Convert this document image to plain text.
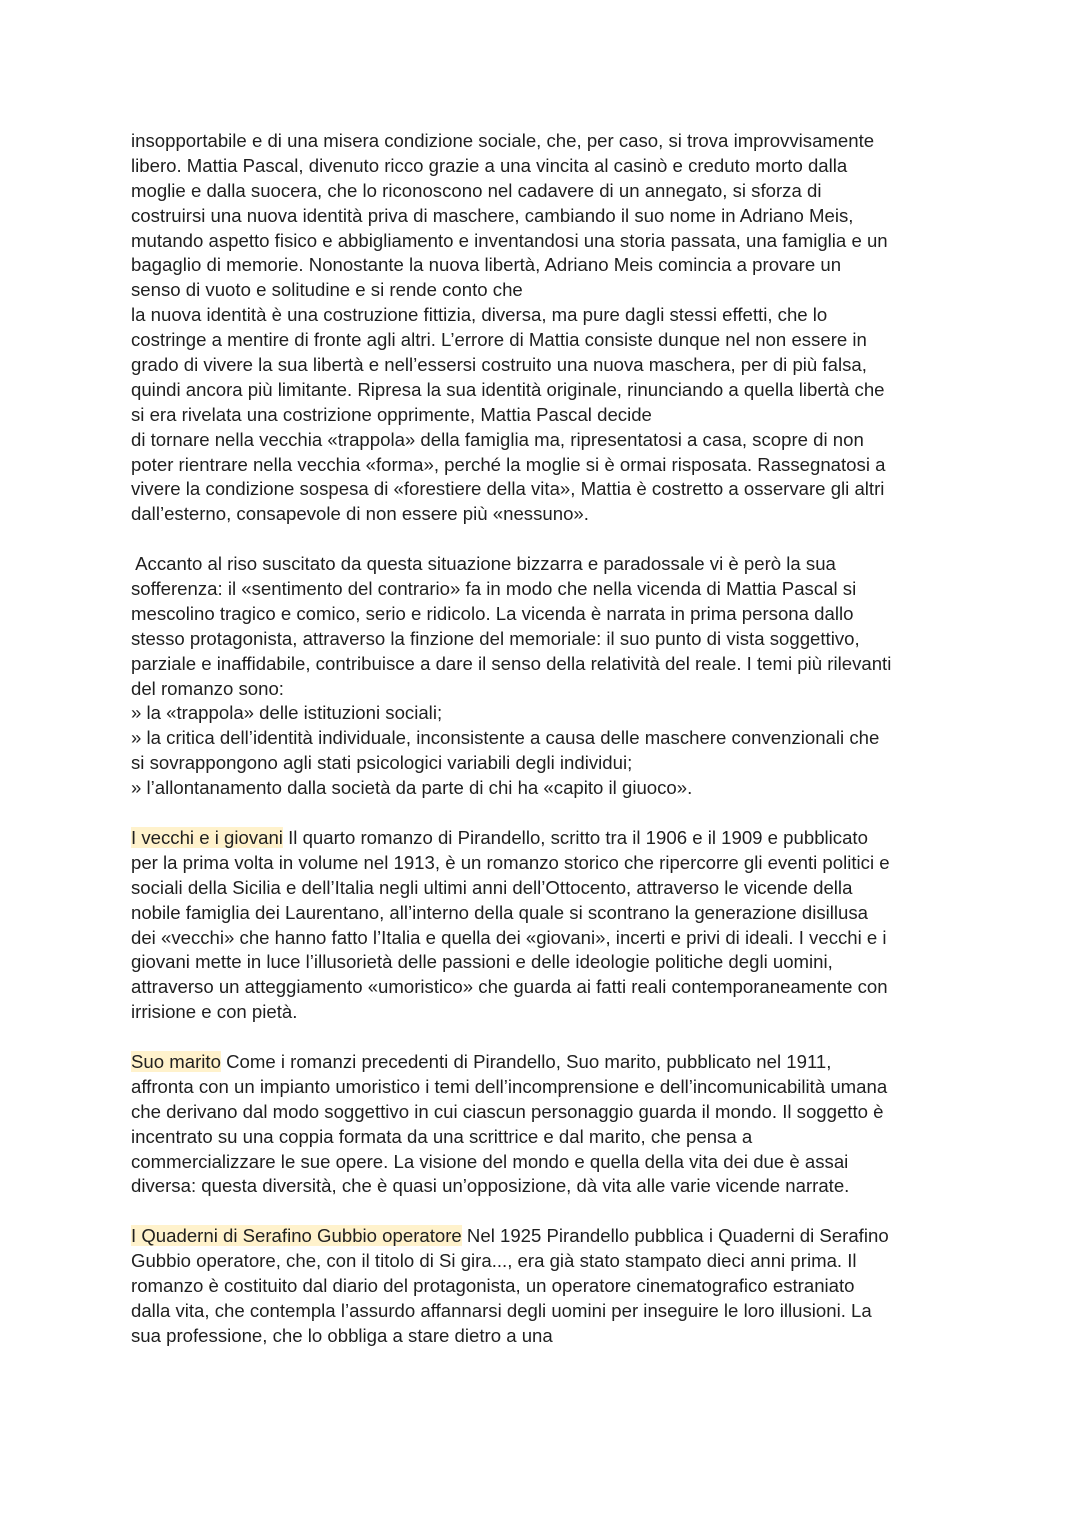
insopportabile e di una misera condizione sociale, che, per caso, si trova improvvisamente
libero. Mattia Pascal, divenuto ricco grazie a una vincita al casinò e creduto morto dalla
moglie e dalla suocera, che lo riconoscono nel cadavere di un annegato, si sforza di
costruirsi una nuova identità priva di maschere, cambiando il suo nome in Adriano Meis,
mutando aspetto fisico e abbigliamento e inventandosi una storia passata, una famiglia e un
bagaglio di memorie. Nonostante la nuova libertà, Adriano Meis comincia a provare un
senso di vuoto e solitudine e si rende conto che
la nuova identità è una costruzione fittizia, diversa, ma pure dagli stessi effetti, che lo
costringe a mentire di fronte agli altri. L’errore di Mattia consiste dunque nel non essere in
grado di vivere la sua libertà e nell’essersi costruito una nuova maschera, per di più falsa,
quindi ancora più limitante. Ripresa la sua identità originale, rinunciando a quella libertà che
si era rivelata una costrizione opprimente, Mattia Pascal decide
di tornare nella vecchia «trappola» della famiglia ma, ripresentatosi a casa, scopre di non
poter rientrare nella vecchia «forma», perché la moglie si è ormai risposata. Rassegnatosi a
vivere la condizione sospesa di «forestiere della vita», Mattia è costretto a osservare gli altri
dall’esterno, consapevole di non essere più «nessuno».
Accanto al riso suscitato da questa situazione bizzarra e paradossale vi è però la sua
sofferenza: il «sentimento del contrario» fa in modo che nella vicenda di Mattia Pascal si
mescolino tragico e comico, serio e ridicolo. La vicenda è narrata in prima persona dallo
stesso protagonista, attraverso la finzione del memoriale: il suo punto di vista soggettivo,
parziale e inaffidabile, contribuisce a dare il senso della relatività del reale. I temi più rilevanti
del romanzo sono:
» la «trappola» delle istituzioni sociali;
» la critica dell’identità individuale, inconsistente a causa delle maschere convenzionali che
si sovrappongono agli stati psicologici variabili degli individui;
» l’allontanamento dalla società da parte di chi ha «capito il giuoco».
I vecchi e i giovani Il quarto romanzo di Pirandello, scritto tra il 1906 e il 1909 e pubblicato
per la prima volta in volume nel 1913, è un romanzo storico che ripercorre gli eventi politici e
sociali della Sicilia e dell’Italia negli ultimi anni dell’Ottocento, attraverso le vicende della
nobile famiglia dei Laurentano, all’interno della quale si scontrano la generazione disillusa
dei «vecchi» che hanno fatto l’Italia e quella dei «giovani», incerti e privi di ideali. I vecchi e i
giovani mette in luce l’illusorietà delle passioni e delle ideologie politiche degli uomini,
attraverso un atteggiamento «umoristico» che guarda ai fatti reali contemporaneamente con
irrisione e con pietà.
Suo marito Come i romanzi precedenti di Pirandello, Suo marito, pubblicato nel 1911,
affronta con un impianto umoristico i temi dell’incomprensione e dell’incomunicabilità umana
che derivano dal modo soggettivo in cui ciascun personaggio guarda il mondo. Il soggetto è
incentrato su una coppia formata da una scrittrice e dal marito, che pensa a
commercializzare le sue opere. La visione del mondo e quella della vita dei due è assai
diversa: questa diversità, che è quasi un’opposizione, dà vita alle varie vicende narrate.
I Quaderni di Serafino Gubbio operatore Nel 1925 Pirandello pubblica i Quaderni di Serafino
Gubbio operatore, che, con il titolo di Si gira..., era già stato stampato dieci anni prima. Il
romanzo è costituito dal diario del protagonista, un operatore cinematografico estraniato
dalla vita, che contempla l’assurdo affannarsi degli uomini per inseguire le loro illusioni. La
sua professione, che lo obbliga a stare dietro a una
